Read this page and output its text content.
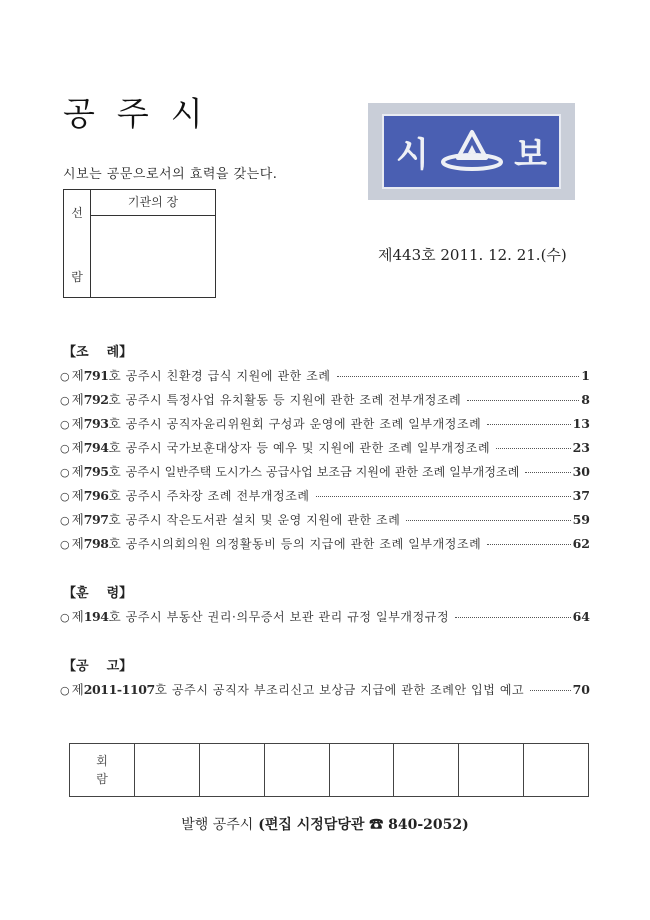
공주시
시보는 공문으로서의 효력을 갖는다.
선
람
기관의 장
시	보
제443호 2011. 12. 21.(수)
【조 례】
○ 제 791 호 공주시 친환경 급식 지원에 관한 조례	1
○ 제 792 호 공주시 특정사업 유치활동 등 지원에 관한 조례 전부개정조례	8
○ 제 793 호 공주시 공직자윤리위원회 구성과 운영에 관한 조례 일부개정조례	13
○ 제 794 호 공주시 국가보훈대상자 등 예우 및 지원에 관한 조례 일부개정조례	23
○ 제 795 호 공주시 일반주택 도시가스 공급사업 보조금 지원에 관한 조례 일부개정조례	30
○ 제 796 호 공주시 주차장 조례 전부개정조례	37
○ 제 797 호 공주시 작은도서관 설치 및 운영 지원에 관한 조례	59
○ 제 798 호 공주시의회의원 의정활동비 등의 지급에 관한 조례 일부개정조례	62
【훈 령】
○ 제 194 호 공주시 부동산 권리·의무증서 보관 관리 규정 일부개정규정	64
【공 고】
○ 제 2011-1107 호 공주시 공직자 부조리신고 보상금 지급에 관한 조례안 입법 예고	70
회
람
발행 공주시 (편집 시정담당관 ☎ 840-2052)
